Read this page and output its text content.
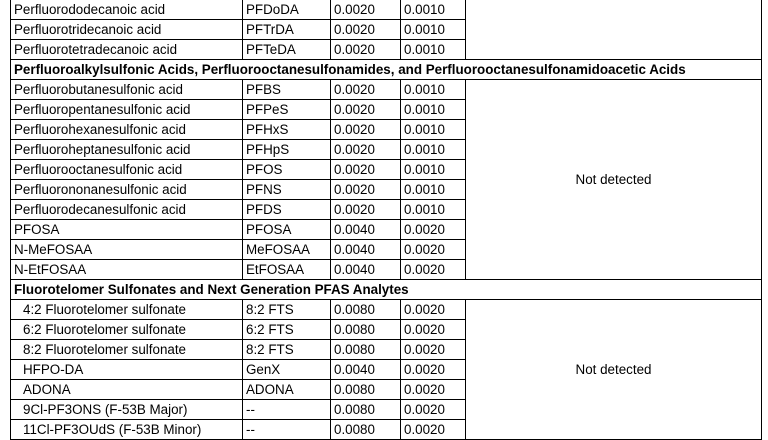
Perfluorododecanoic acid	PFDoDA	0.0020	0.0010	
Perfluorotridecanoic acid	PFTrDA	0.0020	0.0010	
Perfluorotetradecanoic acid	PFTeDA	0.0020	0.0010	
Perfluoroalkylsulfonic Acids, Perfluorooctanesulfonamides, and Perfluorooctanesulfonamidoacetic Acids				
Perfluorobutanesulfonic acid	PFBS	0.0020	0.0010	Not detected
Perfluoropentanesulfonic acid	PFPeS	0.0020	0.0010	
Perfluorohexanesulfonic acid	PFHxS	0.0020	0.0010	
Perfluoroheptanesulfonic acid	PFHpS	0.0020	0.0010	
Perfluorooctanesulfonic acid	PFOS	0.0020	0.0010	
Perfluorononanesulfonic acid	PFNS	0.0020	0.0010	
Perfluorodecanesulfonic acid	PFDS	0.0020	0.0010	
PFOSA	PFOSA	0.0040	0.0020	
N-MeFOSAA	MeFOSAA	0.0040	0.0020	
N-EtFOSAA	EtFOSAA	0.0040	0.0020	
Fluorotelomer Sulfonates and Next Generation PFAS Analytes				
4:2 Fluorotelomer sulfonate	8:2 FTS	0.0080	0.0020	Not detected
6:2 Fluorotelomer sulfonate	6:2 FTS	0.0080	0.0020	
8:2 Fluorotelomer sulfonate	8:2 FTS	0.0080	0.0020	
HFPO-DA	GenX	0.0040	0.0020	
ADONA	ADONA	0.0080	0.0020	
9Cl-PF3ONS (F-53B Major)	--	0.0080	0.0020	
11Cl-PF3OUdS (F-53B Minor)	--	0.0080	0.0020	
